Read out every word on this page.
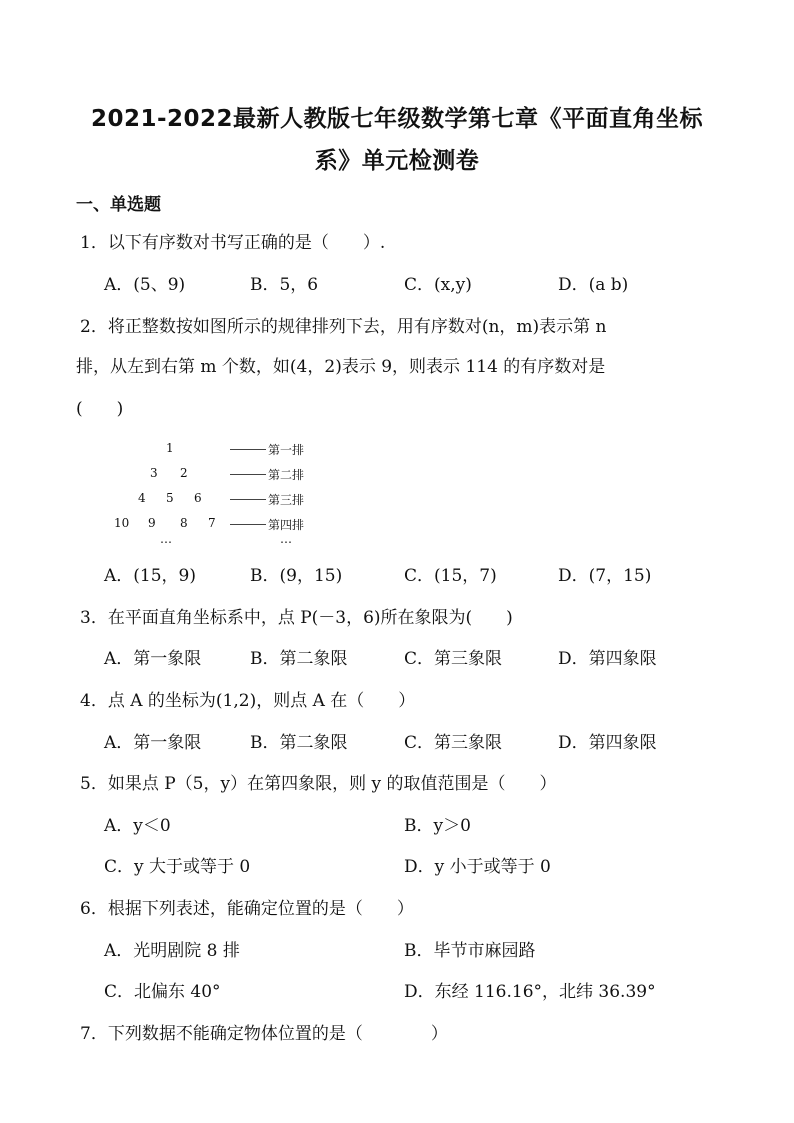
2021-2022最新人教版七年级数学第七章《平面直角坐标
系》单元检测卷
一、单选题
1．以下有序数对书写正确的是（　　）.
A．(5、9)	B．5，6	C．(x,y)	D．(a b)
2．将正整数按如图所示的规律排列下去，用有序数对(n，m)表示第 n
排，从左到右第 m 个数，如(4，2)表示 9，则表示 114 的有序数对是
(　　)
1
3 2
4 5 6
10 9 8 7
…
第一排
第二排
第三排
第四排
…
A．(15，9)	B．(9，15)	C．(15，7)	D．(7，15)
3．在平面直角坐标系中，点 P(－3，6)所在象限为(　　)
A．第一象限	B．第二象限	C．第三象限	D．第四象限
4．点 A 的坐标为(1,2)，则点 A 在（　　）
A．第一象限	B．第二象限	C．第三象限	D．第四象限
5．如果点 P（5，y）在第四象限，则 y 的取值范围是（　　）
A．y＜0	B．y＞0
C．y 大于或等于 0	D．y 小于或等于 0
6．根据下列表述，能确定位置的是（　　）
A．光明剧院 8 排	B．毕节市麻园路
C．北偏东 40°	D．东经 116.16°，北纬 36.39°
7．下列数据不能确定物体位置的是（　　　　）
